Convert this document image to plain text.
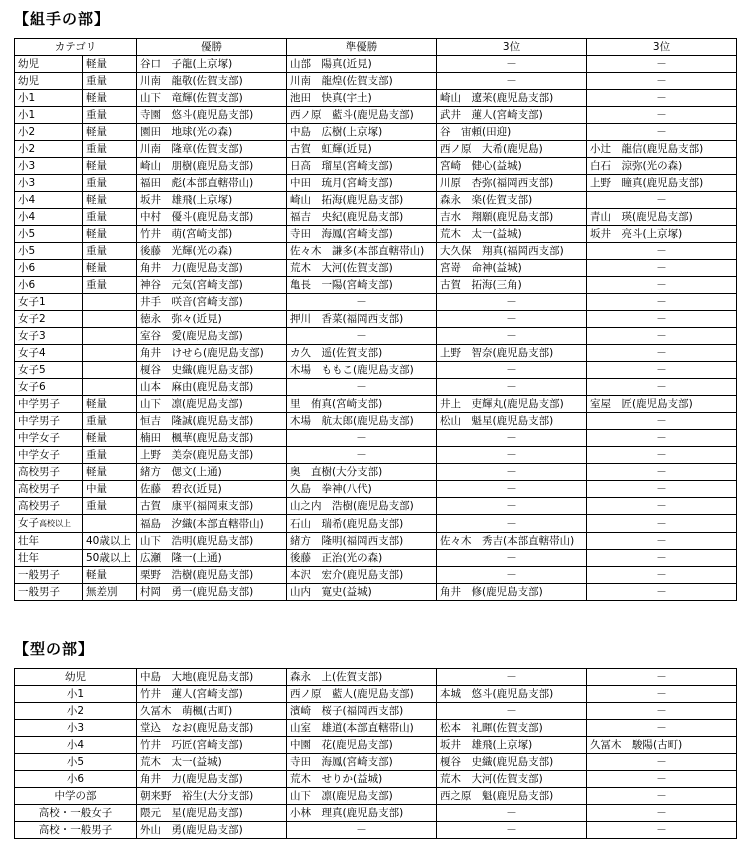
【組手の部】
カテゴリ		優勝	準優勝	3位	3位
幼児	軽量	谷口　子龍(上京塚)	山部　陽真(近見)	－	－
幼児	重量	川南　龍敬(佐賀支部)	川南　龍煌(佐賀支部)	－	－
小1	軽量	山下　竜輝(佐賀支部)	池田　快真(宇土)	崎山　遼苿(鹿児島支部)	－
小1	重量	寺園　悠斗(鹿児島支部)	西ノ原　藍斗(鹿児島支部)	武井　蓮人(宮崎支部)	－
小2	軽量	園田　地球(光の森)	中島　広樹(上京塚)	谷　宙頼(田迎)	－
小2	重量	川南　隆章(佐賀支部)	古賀　虹輝(近見)	西ノ原　大希(鹿児島)	小辻　龍信(鹿児島支部)
小3	軽量	崎山　朋樹(鹿児島支部)	日高　瑠星(宮崎支部)	宮崎　健心(益城)	白石　涼弥(光の森)
小3	重量	福田　彪(本部直轄帯山)	中田　琉月(宮崎支部)	川原　杏弥(福岡西支部)	上野　瞳真(鹿児島支部)
小4	軽量	坂井　雄飛(上京塚)	崎山　拓海(鹿児島支部)	森永　楽(佐賀支部)	－
小4	重量	中村　優斗(鹿児島支部)	福吉　央紀(鹿児島支部)	吉水　翔願(鹿児島支部)	青山　瑛(鹿児島支部)
小5	軽量	竹井　萌(宮崎支部)	寺田　海鳳(宮崎支部)	荒木　太一(益城)	坂井　亮斗(上京塚)
小5	重量	後藤　光輝(光の森)	佐々木　謙多(本部直轄帯山)	大久保　翔真(福岡西支部)	－
小6	軽量	角井　力(鹿児島支部)	荒木　大河(佐賀支部)	宮嵜　命神(益城)	－
小6	重量	神谷　元気(宮崎支部)	亀長　一陽(宮崎支部)	古賀　拓海(三角)	－
女子1		井手　咲音(宮崎支部)	－	－	－
女子2		徳永　弥々(近見)	押川　香菜(福岡西支部)	－	－
女子3		室谷　愛(鹿児島支部)	－	－	－
女子4		角井　けせら(鹿児島支部)	カ久　遥(佐賀支部)	上野　智奈(鹿児島支部)	－
女子5		榎谷　史織(鹿児島支部)	木場　ももこ(鹿児島支部)	－	－
女子6		山本　麻由(鹿児島支部)	－	－	－
中学男子	軽量	山下　凛(鹿児島支部)	里　侑真(宮崎支部)	井上　吏輝丸(鹿児島支部)	室屋　匠(鹿児島支部)
中学男子	重量	恒吉　隆誠(鹿児島支部)	木場　航太郎(鹿児島支部)	松山　魁星(鹿児島支部)	－
中学女子	軽量	楠田　楓華(鹿児島支部)	－	－	－
中学女子	重量	上野　美奈(鹿児島支部)	－	－	－
高校男子	軽量	緒方　偲文(上通)	奥　直樹(大分支部)	－	－
高校男子	中量	佐藤　碧衣(近見)	久島　拳神(八代)	－	－
高校男子	重量	古賀　康平(福岡東支部)	山之内　浩樹(鹿児島支部)	－	－
女子高校以上		福島　汐織(本部直轄帯山)	石山　瑞希(鹿児島支部)	－	－
壮年	40歳以上	山下　浩明(鹿児島支部)	緒方　隆明(福岡西支部)	佐々木　秀吉(本部直轄帯山)	－
壮年	50歳以上	広瀬　隆一(上通)	後藤　正治(光の森)	－	－
一般男子	軽量	栗野　浩樹(鹿児島支部)	本沢　宏介(鹿児島支部)	－	－
一般男子	無差別	村岡　勇一(鹿児島支部)	山内　寛史(益城)	角井　修(鹿児島支部)	－
【型の部】
幼児	中島　大地(鹿児島支部)	森永　上(佐賀支部)	－	－
小1	竹井　蓮人(宮崎支部)	西ノ原　藍人(鹿児島支部)	本城　悠斗(鹿児島支部)	－
小2	久冨木　萌楓(古町)	濱崎　桜子(福岡西支部)	－	－
小3	堂込　なお(鹿児島支部)	山室　雄道(本部直轄帯山)	松本　礼暉(佐賀支部)	－
小4	竹井　巧匠(宮崎支部)	中園　花(鹿児島支部)	坂井　雄飛(上京塚)	久冨木　駿陽(古町)
小5	荒木　太一(益城)	寺田　海鳳(宮崎支部)	榎谷　史織(鹿児島支部)	－
小6	角井　力(鹿児島支部)	荒木　せりか(益城)	荒木　大河(佐賀支部)	－
中学の部	朝来野　裕生(大分支部)	山下　凛(鹿児島支部)	西之原　魁(鹿児島支部)	－
高校・一般女子	隈元　星(鹿児島支部)	小林　理真(鹿児島支部)	－	－
高校・一般男子	外山　勇(鹿児島支部)	－	－	－
